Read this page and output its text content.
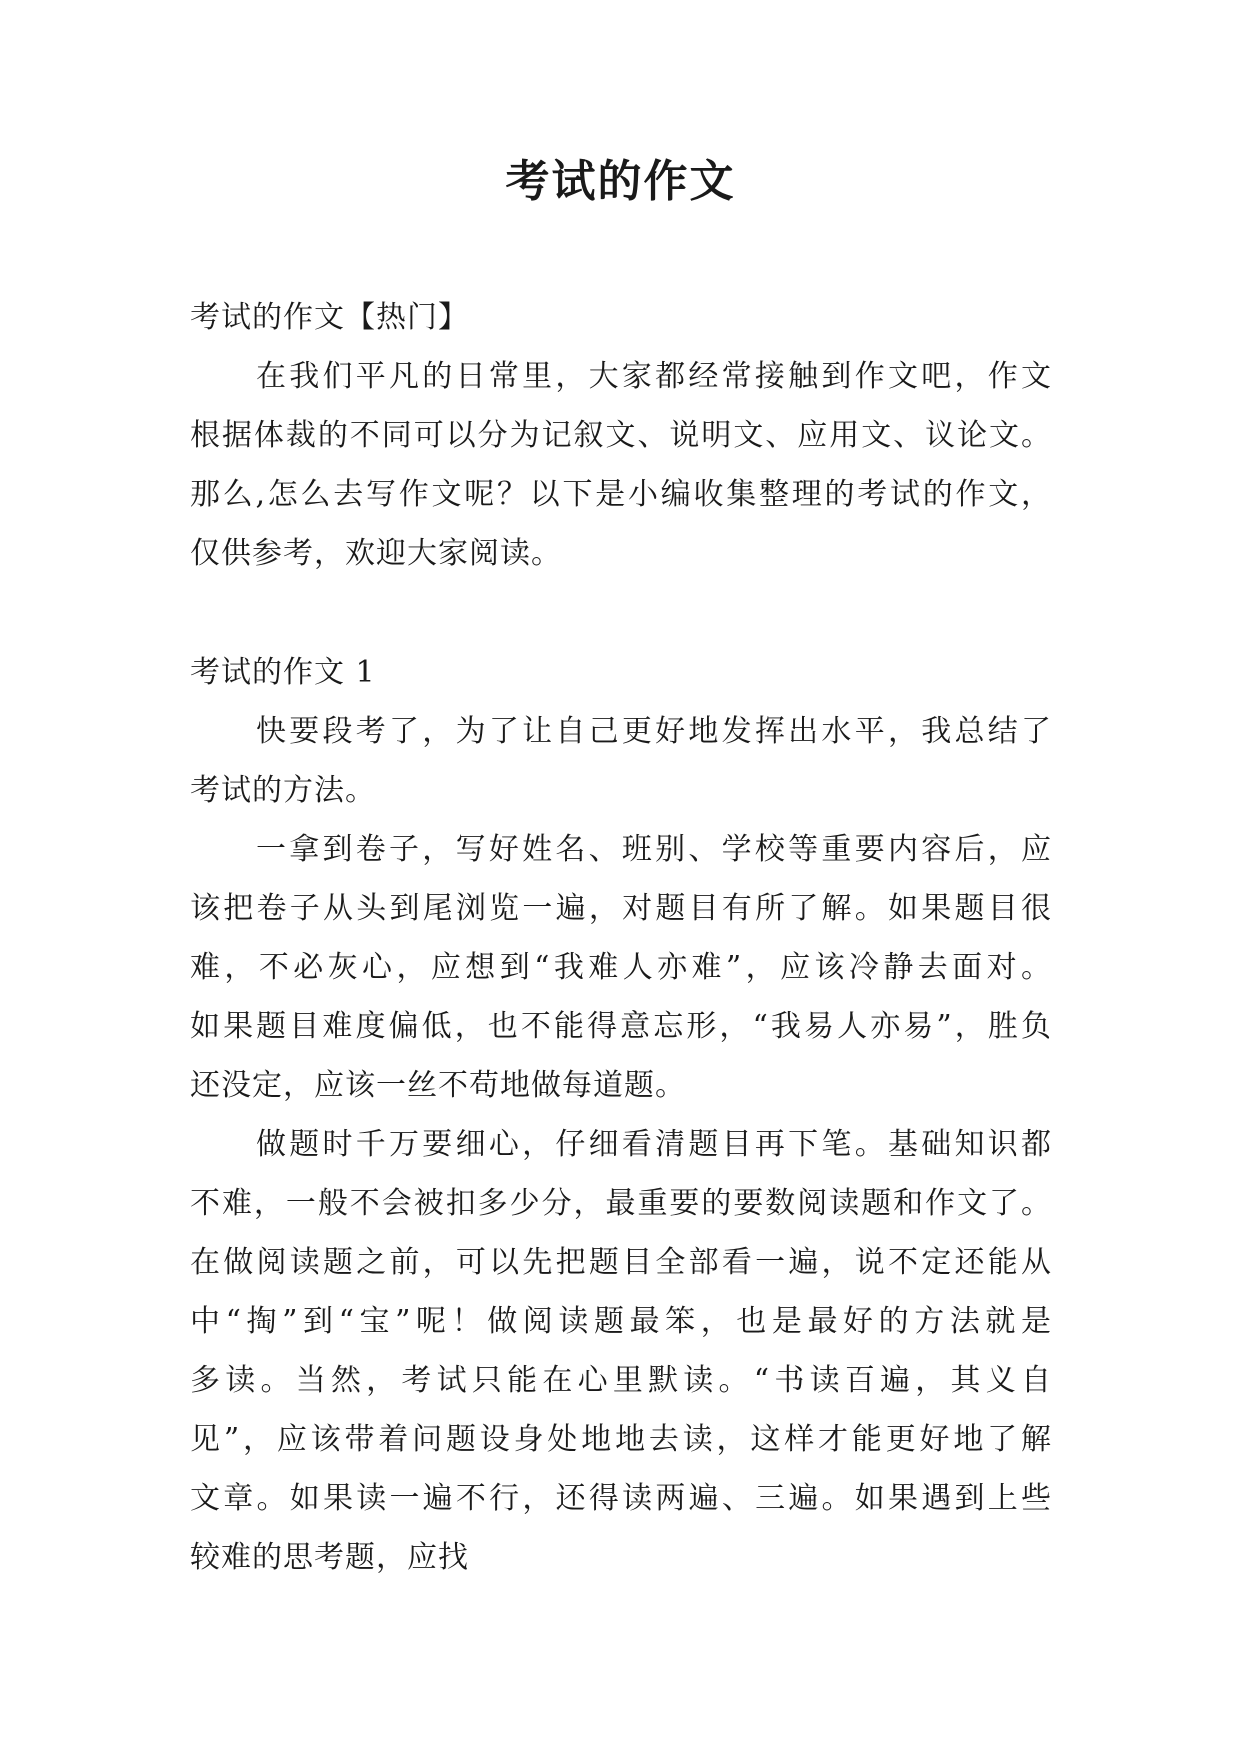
考试的作文
考试的作文【热门】
在我们平凡的日常里，大家都经常接触到作文吧，作文
根据体裁的不同可以分为记叙文、说明文、应用文、议论文。
那么,怎么去写作文呢？以下是小编收集整理的考试的作文，
仅供参考，欢迎大家阅读。
考试的作文 1
快要段考了，为了让自己更好地发挥出水平，我总结了
考试的方法。
一拿到卷子，写好姓名、班别、学校等重要内容后，应
该把卷子从头到尾浏览一遍，对题目有所了解。如果题目很
难，不必灰心，应想到“我难人亦难”，应该冷静去面对。
如果题目难度偏低，也不能得意忘形，“我易人亦易”，胜负
还没定，应该一丝不苟地做每道题。
做题时千万要细心，仔细看清题目再下笔。基础知识都
不难，一般不会被扣多少分，最重要的要数阅读题和作文了。
在做阅读题之前，可以先把题目全部看一遍，说不定还能从
中“掏”到“宝”呢！做阅读题最笨，也是最好的方法就是
多读。当然，考试只能在心里默读。“书读百遍，其义自
见”，应该带着问题设身处地地去读，这样才能更好地了解
文章。如果读一遍不行，还得读两遍、三遍。如果遇到上些
较难的思考题，应找
